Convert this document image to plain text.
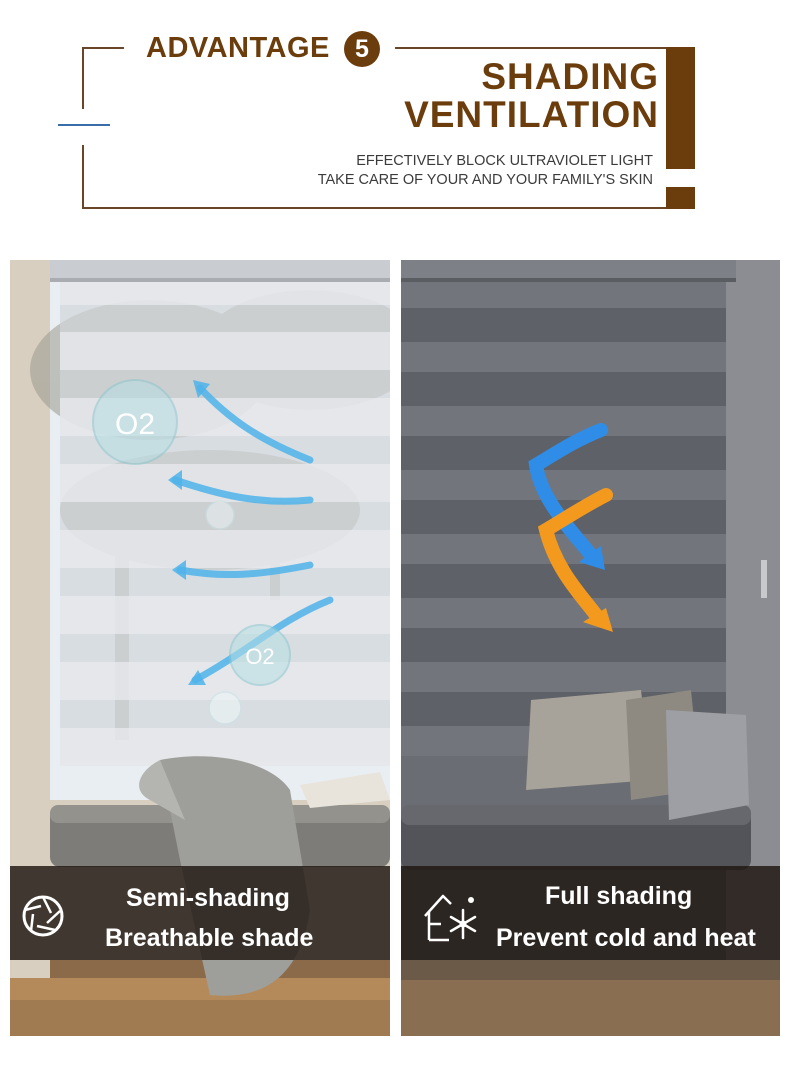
ADVANTAGE	5
SHADING
VENTILATION
EFFECTIVELY BLOCK ULTRAVIOLET LIGHT
TAKE CARE OF YOUR AND YOUR FAMILY'S SKIN
O2
O2
Semi-shading
Breathable shade
Full shading
Prevent cold and heat
